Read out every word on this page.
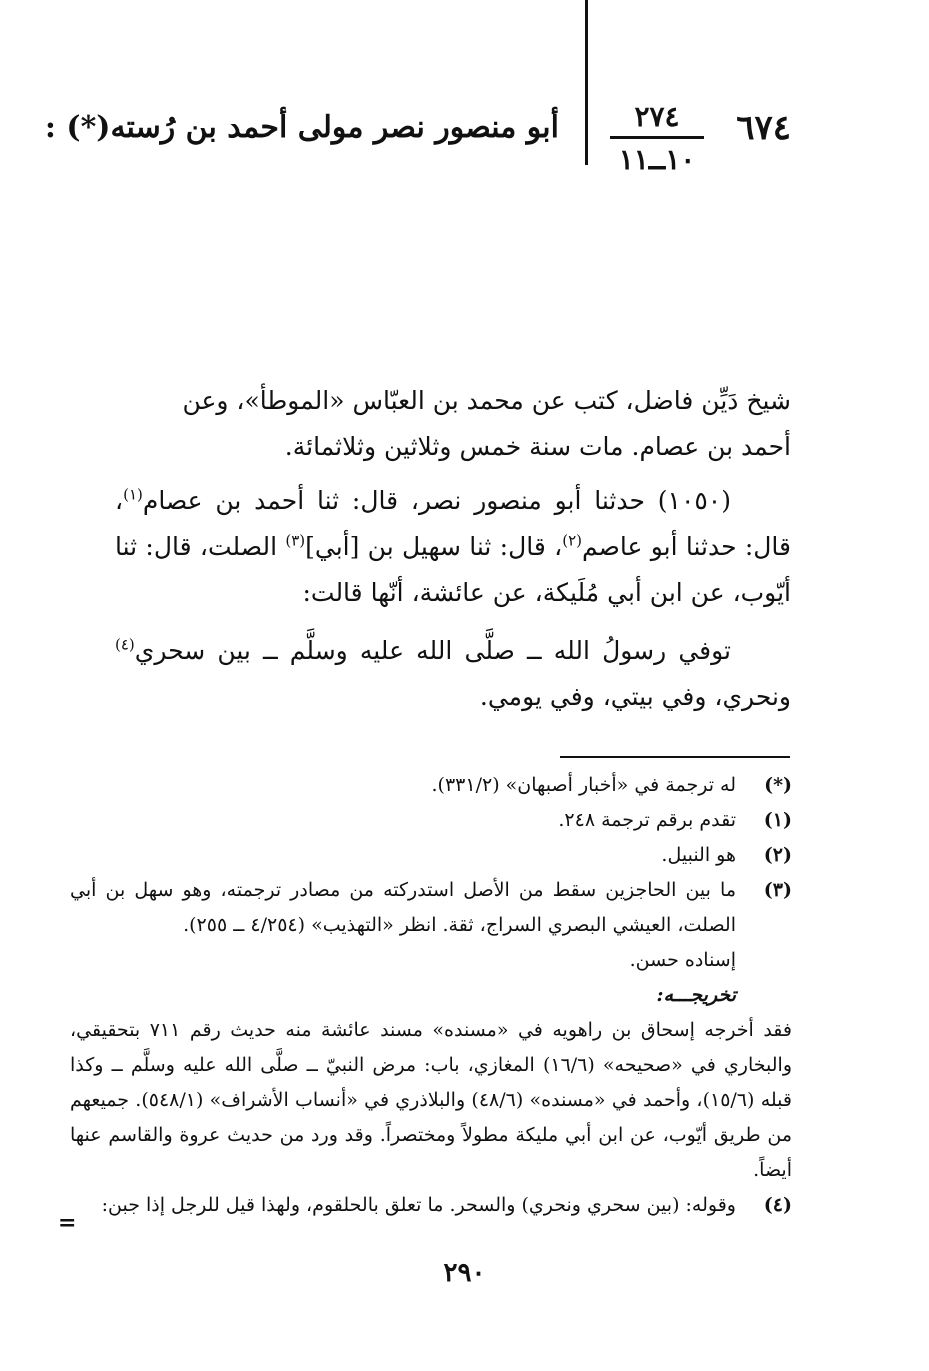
٦٧٤
٢٧٤
١٠ــ١١
أبو منصور نصر مولى أحمد بن رُسته(*) :
شيخ دَيِّن فاضل، كتب عن محمد بن العبّاس «الموطأ»، وعن
أحمد بن عصام. مات سنة خمس وثلاثين وثلاثمائة.
(١٠٥٠) حدثنا أبو منصور نصر، قال: ثنا أحمد بن عصام$^{(١)}$، قال: حدثنا أبو عاصم$^{(٢)}$، قال: ثنا سهيل بن [أبي]$^{(٣)}$ الصلت، قال: ثنا أيّوب، عن ابن أبي مُلَيكة، عن عائشة، أنّها قالت:
توفي رسولُ الله ــ صلَّى الله عليه وسلَّم ــ بين سحري$^{(٤)}$ ونحري، وفي بيتي، وفي يومي.
(*)
له ترجمة في «أخبار أصبهان» (٣٣١/٢).
(١)
تقدم برقم ترجمة ٢٤٨.
(٢)
هو النبيل.
(٣)

ما بين الحاجزين سقط من الأصل استدركته من مصادر ترجمته، وهو سهل بن أبي الصلت، العيشي البصري السراج، ثقة. انظر «التهذيب» (٤/٢٥٤ ــ ٢٥٥).

إسناده حسن.

تخريجـــه:

فقد أخرجه إسحاق بن راهويه في «مسنده» مسند عائشة منه حديث رقم ٧١١ بتحقيقي، والبخاري في «صحيحه» (١٦/٦) المغازي، باب: مرض النبيّ ــ صلَّى الله عليه وسلَّم ــ وكذا قبله (١٥/٦)، وأحمد في «مسنده» (٤٨/٦) والبلاذري في «أنساب الأشراف» (٥٤٨/١). جميعهم من طريق أيّوب، عن ابن أبي مليكة مطولاً ومختصراً. وقد ورد من حديث عروة والقاسم عنها أيضاً.

(٤)
وقوله: (بين سحري ونحري) والسحر. ما تعلق بالحلقوم، ولهذا قيل للرجل إذا جبن:
=
٢٩٠
